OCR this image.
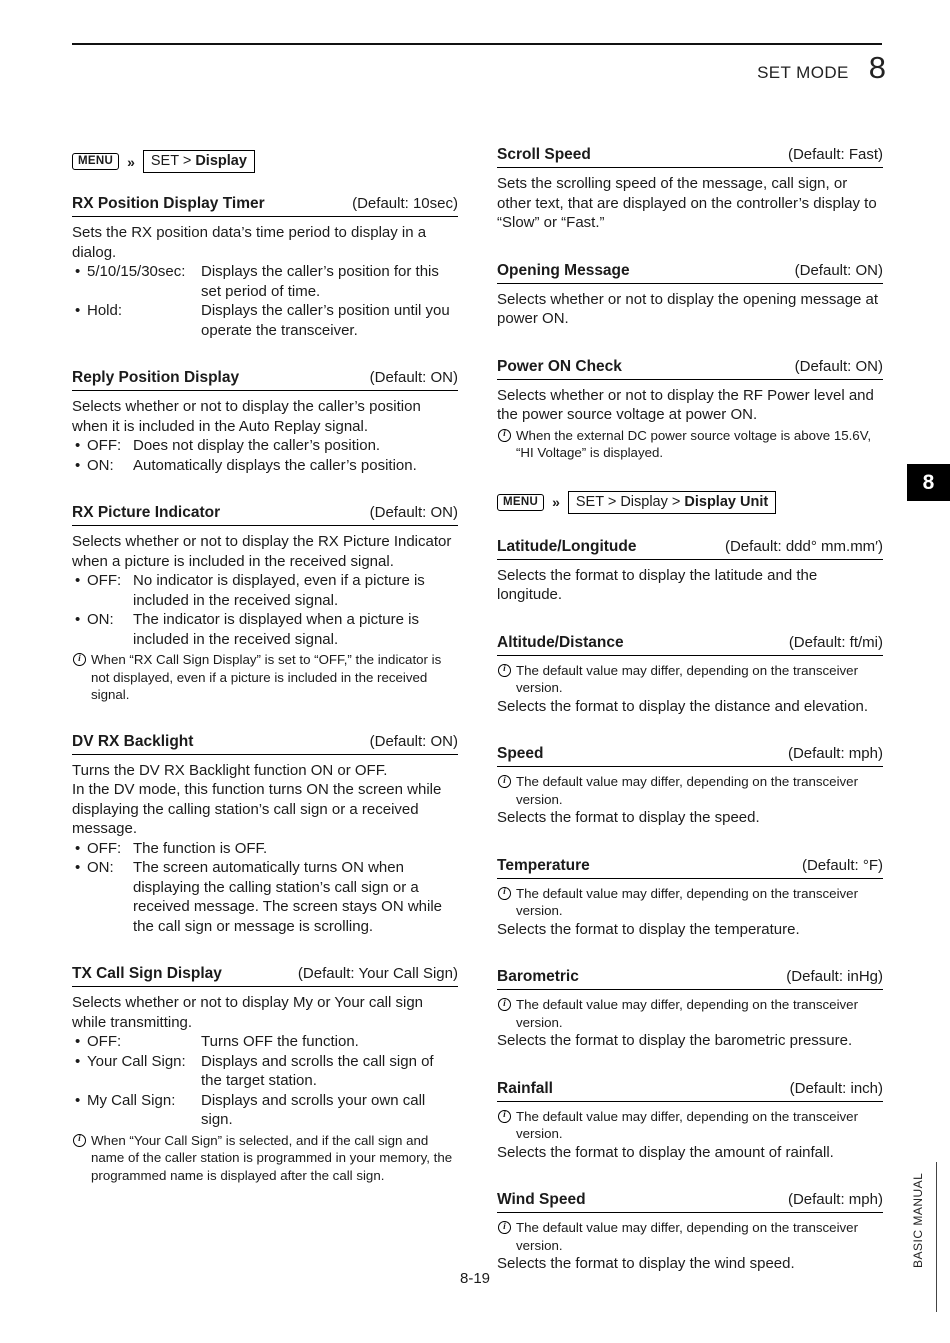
SET MODE 8
8
BASIC MANUAL
MENU	»	SET > Display
RX Position Display Timer	(Default: 10sec)

Sets the RX position data’s time period to display in a dialog.

• 5/10/15/30sec:	Displays the caller’s position for this set period of time.
• Hold:	Displays the caller’s position until you operate the transceiver.
Reply Position Display	(Default: ON)

Selects whether or not to display the caller’s position when it is included in the Auto Replay signal.

• OFF: Does not display the caller’s position.
• ON:	Automatically displays the caller’s position.
RX Picture Indicator	(Default: ON)

Selects whether or not to display the RX Picture Indicator when a picture is included in the received signal.

• OFF: No indicator is displayed, even if a picture is included in the received signal.
• ON:	The indicator is displayed when a picture is included in the received signal.
i When “RX Call Sign Display” is set to “OFF,” the indicator is not displayed, even if a picture is included in the received signal.
DV RX Backlight	(Default: ON)

Turns the DV RX Backlight function ON or OFF.

In the DV mode, this function turns ON the screen while displaying the calling station’s call sign or a received message.

• OFF: The function is OFF.
• ON:	The screen automatically turns ON when displaying the calling station’s call sign or a received message. The screen stays ON while the call sign or message is scrolling.
TX Call Sign Display	(Default: Your Call Sign)

Selects whether or not to display My or Your call sign while transmitting.

• OFF:	Turns OFF the function.
• Your Call Sign:	Displays and scrolls the call sign of the target station.
• My Call Sign:	Displays and scrolls your own call sign.
i When “Your Call Sign” is selected, and if the call sign and name of the caller station is programmed in your memory, the programmed name is displayed after the call sign.
Scroll Speed	(Default: Fast)

Sets the scrolling speed of the message, call sign, or other text, that are displayed on the controller’s display to “Slow” or “Fast.”

Opening Message	(Default: ON)

Selects whether or not to display the opening message at power ON.

Power ON Check	(Default: ON)

Selects whether or not to display the RF Power level and the power source voltage at power ON.

i When the external DC power source voltage is above 15.6V, “HI Voltage” is displayed.
MENU	»	SET > Display > Display Unit
Latitude/Longitude	(Default: ddd° mm.mm′)

Selects the format to display the latitude and the longitude.

Altitude/Distance	(Default: ft/mi)
i The default value may differ, depending on the transceiver version.

Selects the format to display the distance and elevation.

Speed	(Default: mph)
i The default value may differ, depending on the transceiver version.

Selects the format to display the speed.

Temperature	(Default: °F)
i The default value may differ, depending on the transceiver version.

Selects the format to display the temperature.

Barometric	(Default: inHg)
i The default value may differ, depending on the transceiver version.

Selects the format to display the barometric pressure.

Rainfall	(Default: inch)
i The default value may differ, depending on the transceiver version.

Selects the format to display the amount of rainfall.

Wind Speed	(Default: mph)
i The default value may differ, depending on the transceiver version.

Selects the format to display the wind speed.

8-19
